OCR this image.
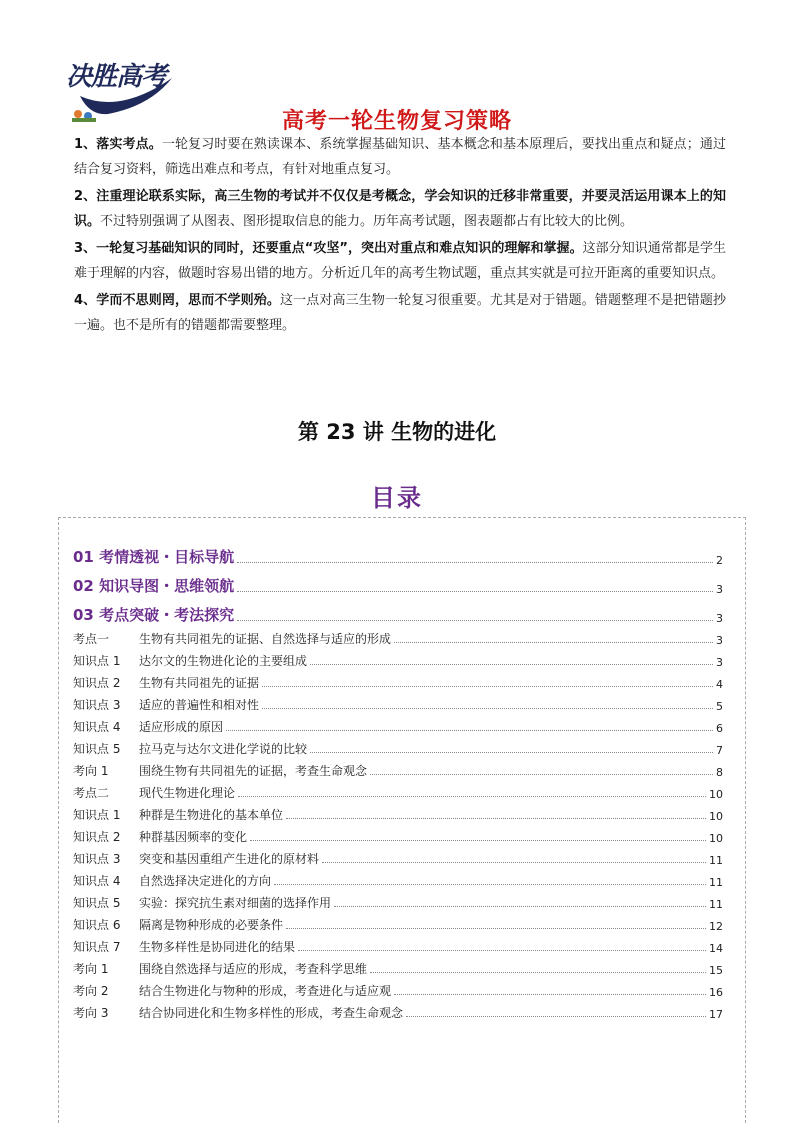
决胜高考
高考一轮生物复习策略

1、落实考点。一轮复习时要在熟读课本、系统掌握基础知识、基本概念和基本原理后，要找出重点和疑点；通过结合复习资料，筛选出难点和考点，有针对地重点复习。

2、注重理论联系实际，高三生物的考试并不仅仅是考概念，学会知识的迁移非常重要，并要灵活运用课本上的知识。不过特别强调了从图表、图形提取信息的能力。历年高考试题，图表题都占有比较大的比例。

3、一轮复习基础知识的同时，还要重点“攻坚”，突出对重点和难点知识的理解和掌握。这部分知识通常都是学生难于理解的内容，做题时容易出错的地方。分析近几年的高考生物试题，重点其实就是可拉开距离的重要知识点。

4、学而不思则罔，思而不学则殆。这一点对高三生物一轮复习很重要。尤其是对于错题。错题整理不是把错题抄一遍。也不是所有的错题都需要整理。

第 23 讲 生物的进化
目录
01 考情透视・目标导航	2
02 知识导图・思维领航	3
03 考点突破・考法探究	3
考点一 生物有共同祖先的证据、自然选择与适应的形成	3
知识点 1 达尔文的生物进化论的主要组成	3
知识点 2 生物有共同祖先的证据	4
知识点 3 适应的普遍性和相对性	5
知识点 4 适应形成的原因	6
知识点 5 拉马克与达尔文进化学说的比较	7
考向 1	围绕生物有共同祖先的证据，考查生命观念	8
考点二 现代生物进化理论	10
知识点 1 种群是生物进化的基本单位	10
知识点 2 种群基因频率的变化	10
知识点 3 突变和基因重组产生进化的原材料	11
知识点 4 自然选择决定进化的方向	11
知识点 5 实验：探究抗生素对细菌的选择作用	11
知识点 6 隔离是物种形成的必要条件	12
知识点 7 生物多样性是协同进化的结果	14
考向 1	围绕自然选择与适应的形成，考查科学思维	15
考向 2	结合生物进化与物种的形成，考查进化与适应观	16
考向 3	结合协同进化和生物多样性的形成，考查生命观念	17
